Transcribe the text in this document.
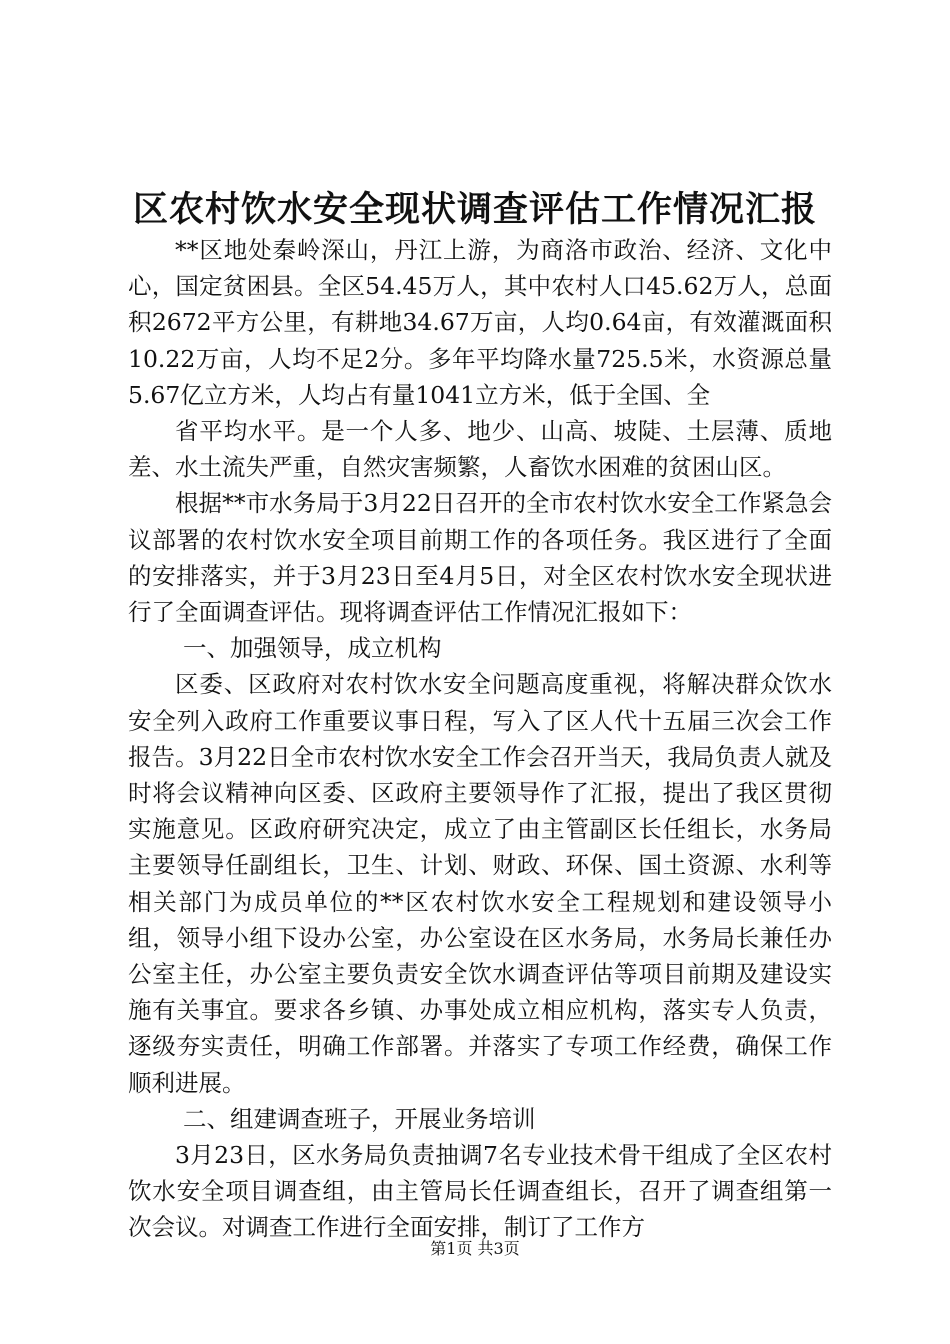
区农村饮水安全现状调查评估工作情况汇报

**区地处秦岭深山，丹江上游，为商洛市政治、经济、文化中心，国定贫困县。全区54.45万人，其中农村人口45.62万人，总面积2672平方公里，有耕地34.67万亩，人均0.64亩，有效灌溉面积10.22万亩，人均不足2分。多年平均降水量725.5米，水资源总量5.67亿立方米，人均占有量1041立方米，低于全国、全

省平均水平。是一个人多、地少、山高、坡陡、土层薄、质地差、水土流失严重，自然灾害频繁，人畜饮水困难的贫困山区。

根据**市水务局于3月22日召开的全市农村饮水安全工作紧急会议部署的农村饮水安全项目前期工作的各项任务。我区进行了全面的安排落实，并于3月23日至4月5日，对全区农村饮水安全现状进行了全面调查评估。现将调查评估工作情况汇报如下：

一、加强领导，成立机构

区委、区政府对农村饮水安全问题高度重视，将解决群众饮水安全列入政府工作重要议事日程，写入了区人代十五届三次会工作报告。3月22日全市农村饮水安全工作会召开当天，我局负责人就及时将会议精神向区委、区政府主要领导作了汇报，提出了我区贯彻实施意见。区政府研究决定，成立了由主管副区长任组长，水务局主要领导任副组长，卫生、计划、财政、环保、国土资源、水利等相关部门为成员单位的**区农村饮水安全工程规划和建设领导小组，领导小组下设办公室，办公室设在区水务局，水务局长兼任办公室主任，办公室主要负责安全饮水调查评估等项目前期及建设实施有关事宜。要求各乡镇、办事处成立相应机构，落实专人负责，逐级夯实责任，明确工作部署。并落实了专项工作经费，确保工作顺利进展。

二、组建调查班子，开展业务培训

3月23日，区水务局负责抽调7名专业技术骨干组成了全区农村饮水安全项目调查组，由主管局长任调查组长，召开了调查组第一次会议。对调查工作进行全面安排，制订了工作方

第1页 共3页
